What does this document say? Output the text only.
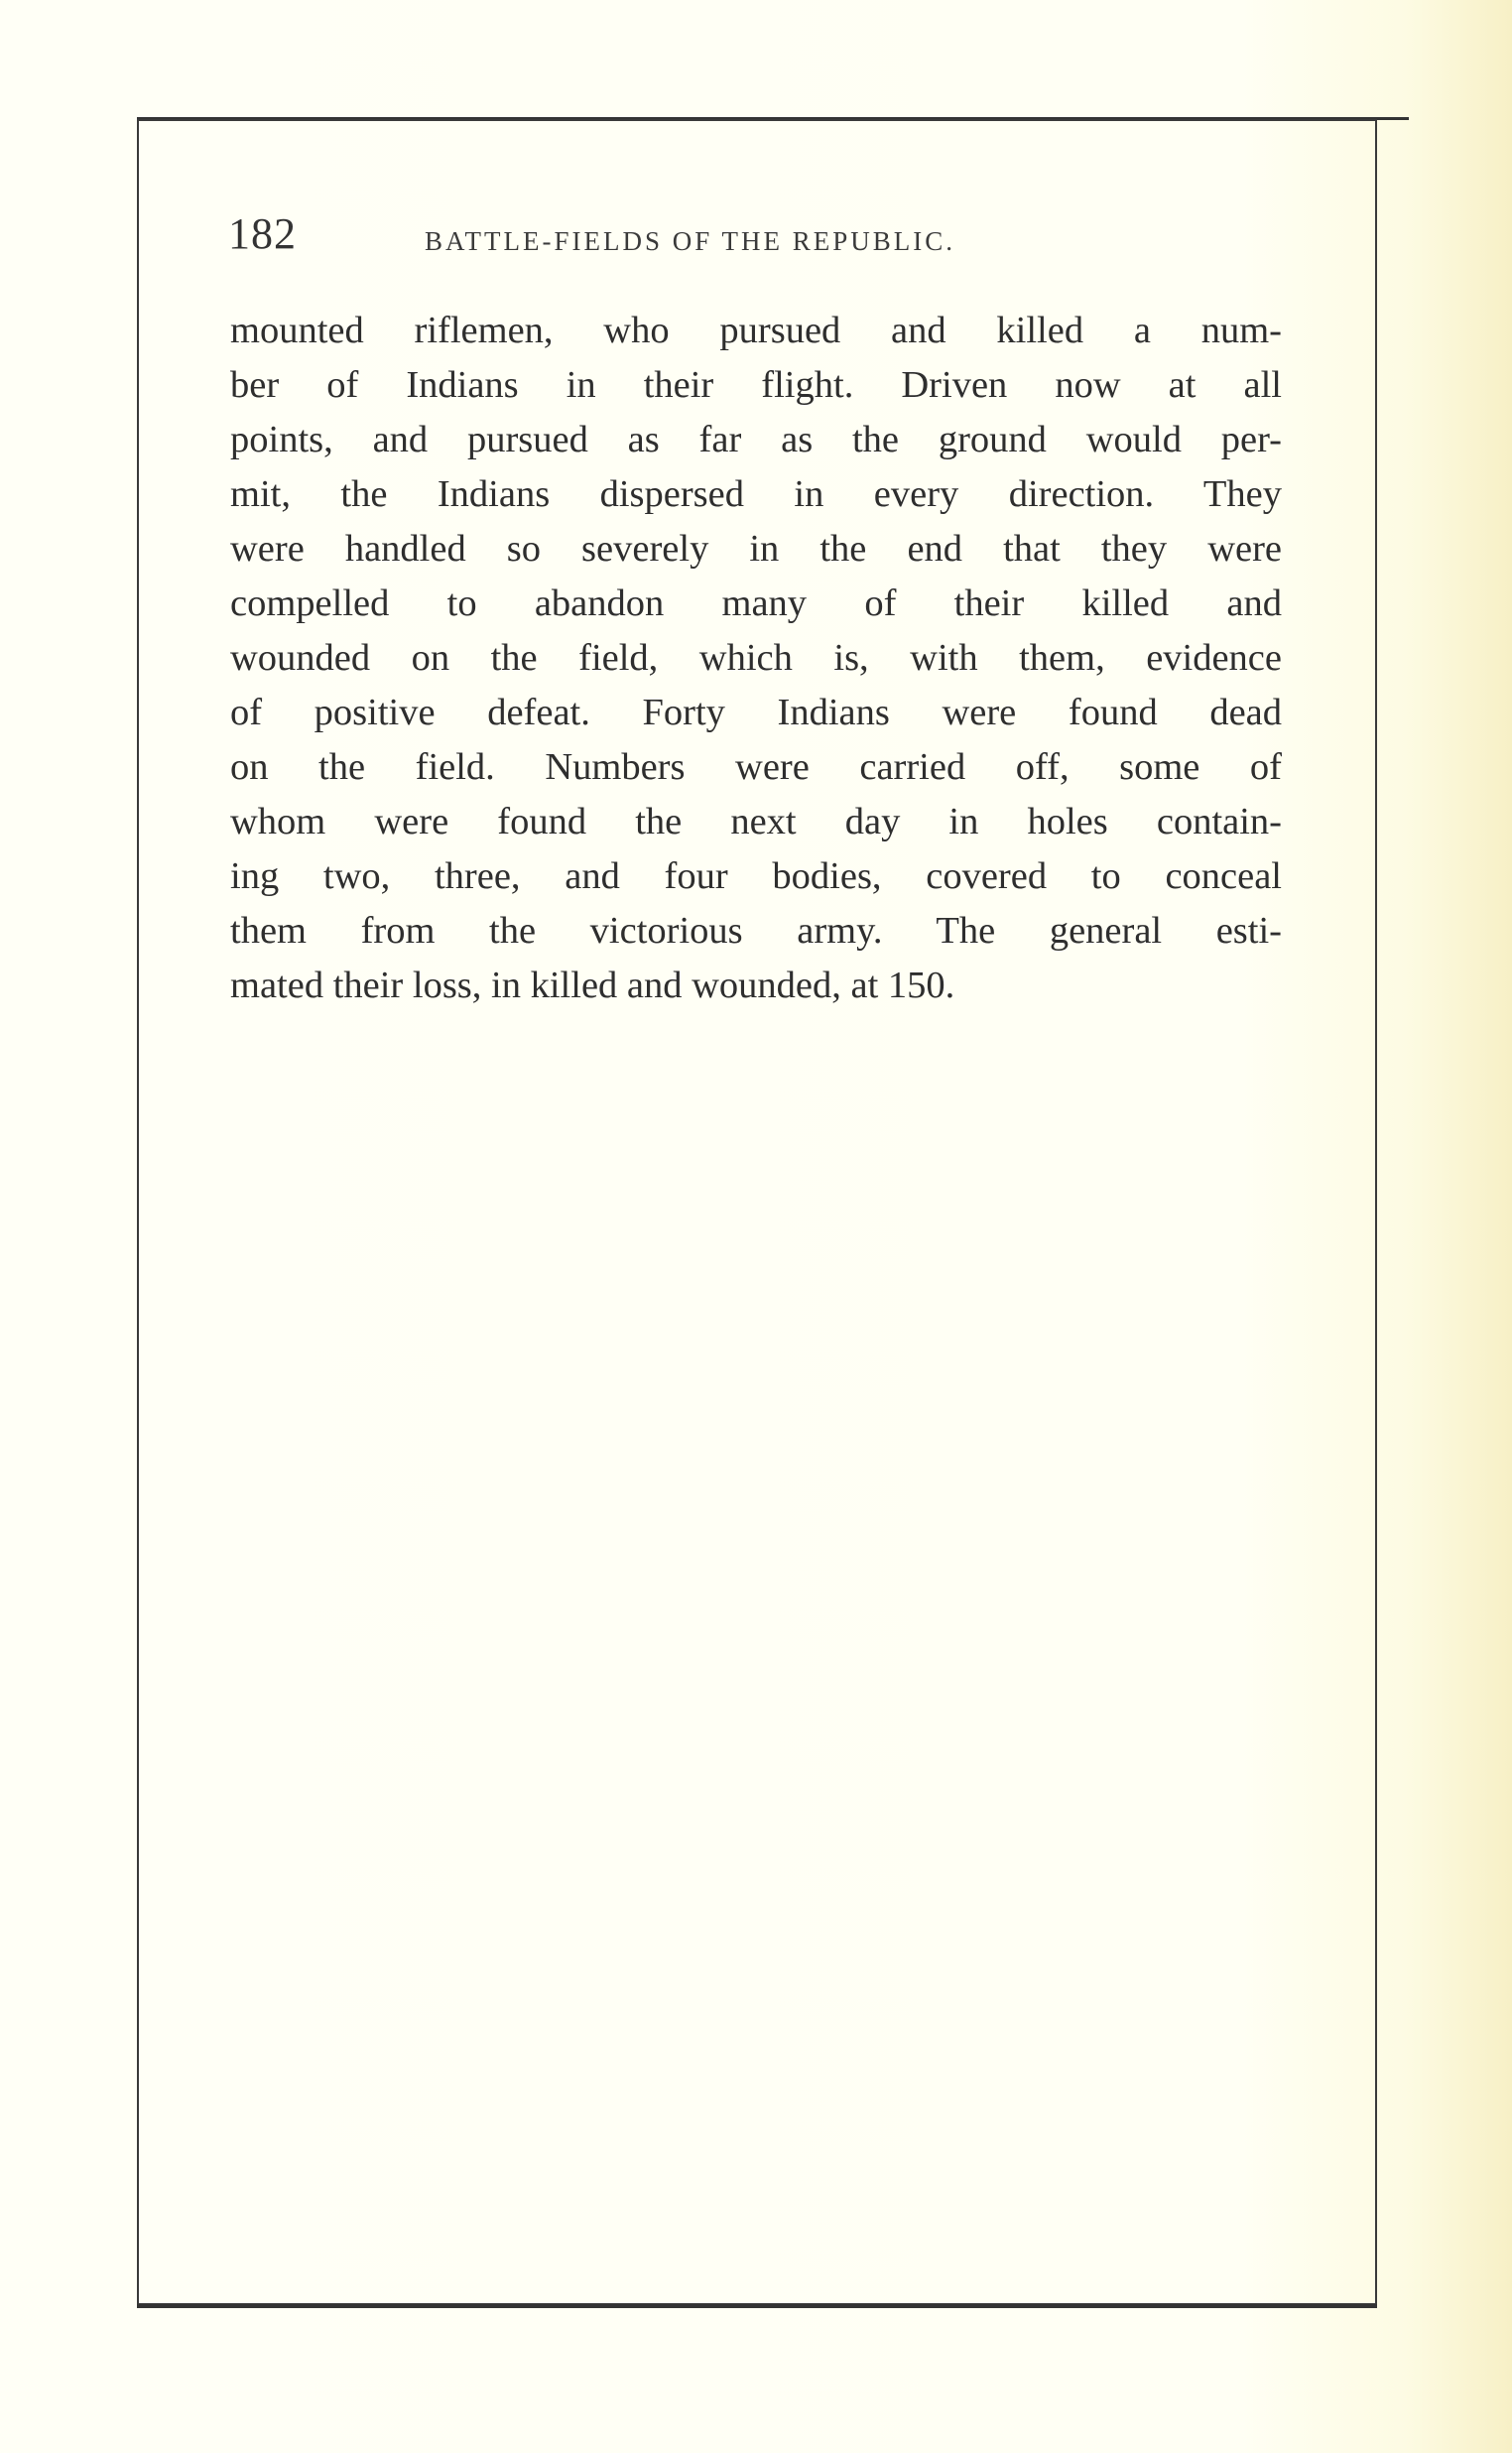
182	BATTLE-FIELDS OF THE REPUBLIC.
mounted riflemen, who pursued and killed a num-
ber of Indians in their flight. Driven now at all
points, and pursued as far as the ground would per-
mit, the Indians dispersed in every direction. They
were handled so severely in the end that they were
compelled to abandon many of their killed and
wounded on the field, which is, with them, evidence
of positive defeat. Forty Indians were found dead
on the field. Numbers were carried off, some of
whom were found the next day in holes contain-
ing two, three, and four bodies, covered to conceal
them from the victorious army. The general esti-
mated their loss, in killed and wounded, at 150.
